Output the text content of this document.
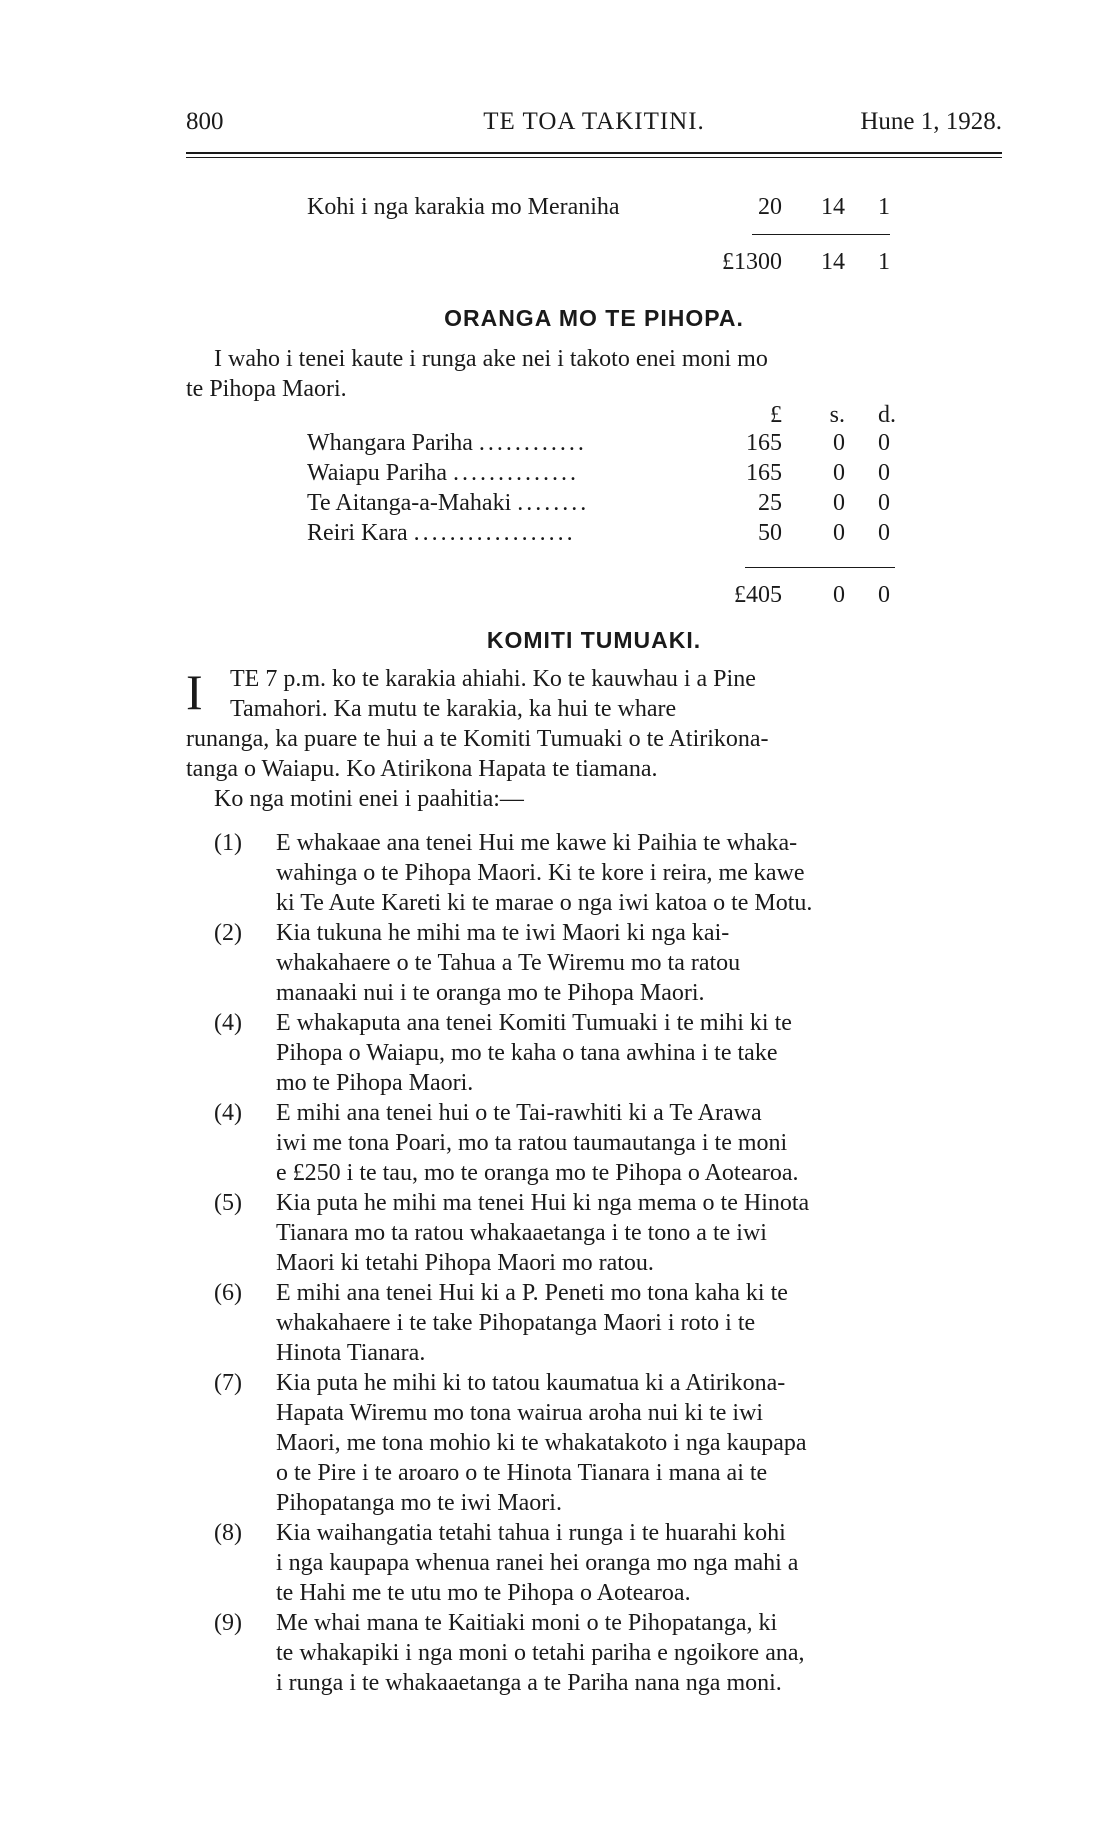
800	TE TOA TAKITINI.	Hune 1, 1928.
Kohi i nga karakia mo Meraniha	20	14	1
£1300	14	1
ORANGA MO TE PIHOPA.
I waho i tenei kaute i runga ake nei i takoto enei moni mo
te Pihopa Maori.
£	s.	d.
Whangara Pariha ............	165	0	0
Waiapu Pariha ..............	165	0	0
Te Aitanga-a-Mahaki ........	25	0	0
Reiri Kara ..................	50	0	0
£405	0	0
KOMITI TUMUAKI.
I TE 7 p.m. ko te karakia ahiahi. Ko te kauwhau i a Pine
Tamahori. Ka mutu te karakia, ka hui te whare
runanga, ka puare te hui a te Komiti Tumuaki o te Atirikona-
tanga o Waiapu. Ko Atirikona Hapata te tiamana.
Ko nga motini enei i paahitia:—
(1) E whakaae ana tenei Hui me kawe ki Paihia te whaka-
wahinga o te Pihopa Maori. Ki te kore i reira, me kawe
ki Te Aute Kareti ki te marae o nga iwi katoa o te Motu.
(2) Kia tukuna he mihi ma te iwi Maori ki nga kai-
whakahaere o te Tahua a Te Wiremu mo ta ratou
manaaki nui i te oranga mo te Pihopa Maori.
(4) E whakaputa ana tenei Komiti Tumuaki i te mihi ki te
Pihopa o Waiapu, mo te kaha o tana awhina i te take
mo te Pihopa Maori.
(4) E mihi ana tenei hui o te Tai-rawhiti ki a Te Arawa
iwi me tona Poari, mo ta ratou taumautanga i te moni
e £250 i te tau, mo te oranga mo te Pihopa o Aotearoa.
(5) Kia puta he mihi ma tenei Hui ki nga mema o te Hinota
Tianara mo ta ratou whakaaetanga i te tono a te iwi
Maori ki tetahi Pihopa Maori mo ratou.
(6) E mihi ana tenei Hui ki a P. Peneti mo tona kaha ki te
whakahaere i te take Pihopatanga Maori i roto i te
Hinota Tianara.
(7) Kia puta he mihi ki to tatou kaumatua ki a Atirikona-
Hapata Wiremu mo tona wairua aroha nui ki te iwi
Maori, me tona mohio ki te whakatakoto i nga kaupapa
o te Pire i te aroaro o te Hinota Tianara i mana ai te
Pihopatanga mo te iwi Maori.
(8) Kia waihangatia tetahi tahua i runga i te huarahi kohi
i nga kaupapa whenua ranei hei oranga mo nga mahi a
te Hahi me te utu mo te Pihopa o Aotearoa.
(9) Me whai mana te Kaitiaki moni o te Pihopatanga, ki
te whakapiki i nga moni o tetahi pariha e ngoikore ana,
i runga i te whakaaetanga a te Pariha nana nga moni.
